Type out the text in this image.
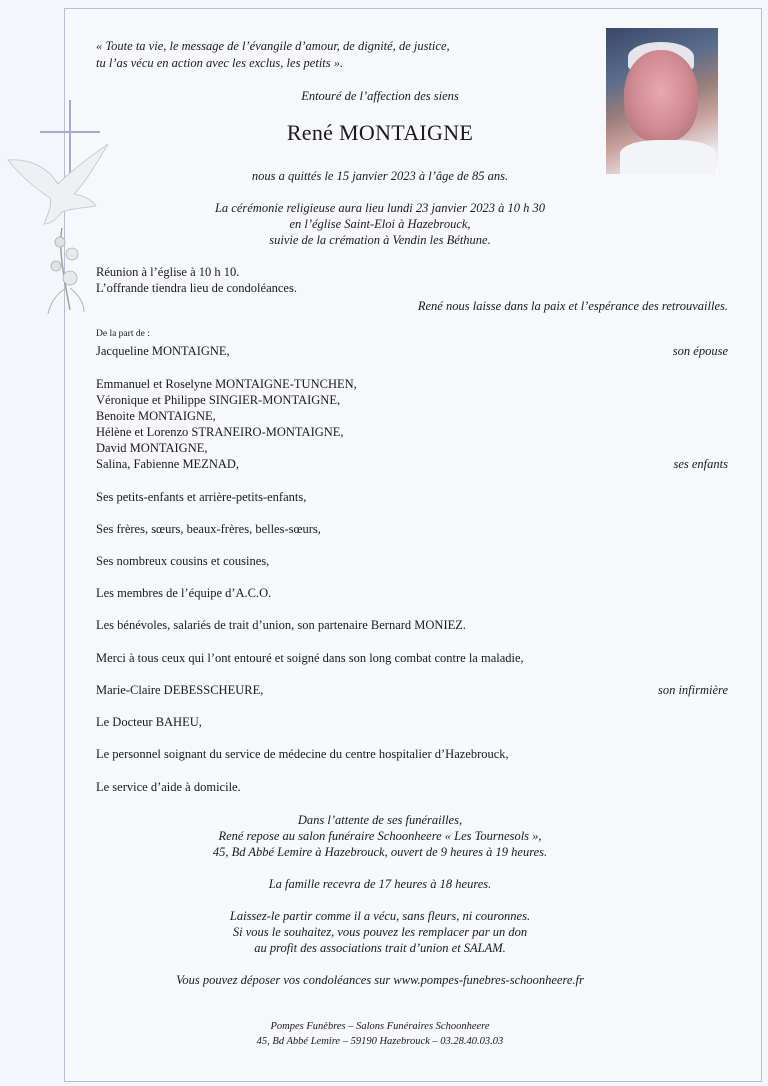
« Toute ta vie, le message de l’évangile d’amour, de dignité, de justice,
tu l’as vécu en action avec les exclus, les petits ».
Entouré de l’affection des siens
René MONTAIGNE
nous a quittés le 15 janvier 2023 à l’âge de 85 ans.
La cérémonie religieuse aura lieu lundi 23 janvier 2023 à 10 h 30
en l’église Saint-Eloi à Hazebrouck,
suivie de la crémation à Vendin les Béthune.
Réunion à l’église à 10 h 10.
L’offrande tiendra lieu de condoléances.
René nous laisse dans la paix et l’espérance des retrouvailles.
De la part de :
Jacqueline MONTAIGNE,	son épouse
Emmanuel et Roselyne MONTAIGNE-TUNCHEN,
Véronique et Philippe SINGIER-MONTAIGNE,
Benoite MONTAIGNE,
Hélène et Lorenzo STRANEIRO-MONTAIGNE,
David MONTAIGNE,
Salina, Fabienne MEZNAD,	ses enfants
Ses petits-enfants et arrière-petits-enfants,
Ses frères, sœurs, beaux-frères, belles-sœurs,
Ses nombreux cousins et cousines,
Les membres de l’équipe d’A.C.O.
Les bénévoles, salariés de trait d’union, son partenaire Bernard MONIEZ.
Merci à tous ceux qui l’ont entouré et soigné dans son long combat contre la maladie,
Marie-Claire DEBESSCHEURE,	son infirmière
Le Docteur BAHEU,
Le personnel soignant du service de médecine du centre hospitalier d’Hazebrouck,
Le service d’aide à domicile.
Dans l’attente de ses funérailles,
René repose au salon funéraire Schoonheere « Les Tournesols »,
45, Bd Abbé Lemire à Hazebrouck, ouvert de 9 heures à 19 heures.
La famille recevra de 17 heures à 18 heures.
Laissez-le partir comme il a vécu, sans fleurs, ni couronnes.
Si vous le souhaitez, vous pouvez les remplacer par un don
au profit des associations trait d’union et SALAM.
Vous pouvez déposer vos condoléances sur www.pompes-funebres-schoonheere.fr
Pompes Funèbres – Salons Funéraires Schoonheere
45, Bd Abbé Lemire – 59190 Hazebrouck – 03.28.40.03.03
